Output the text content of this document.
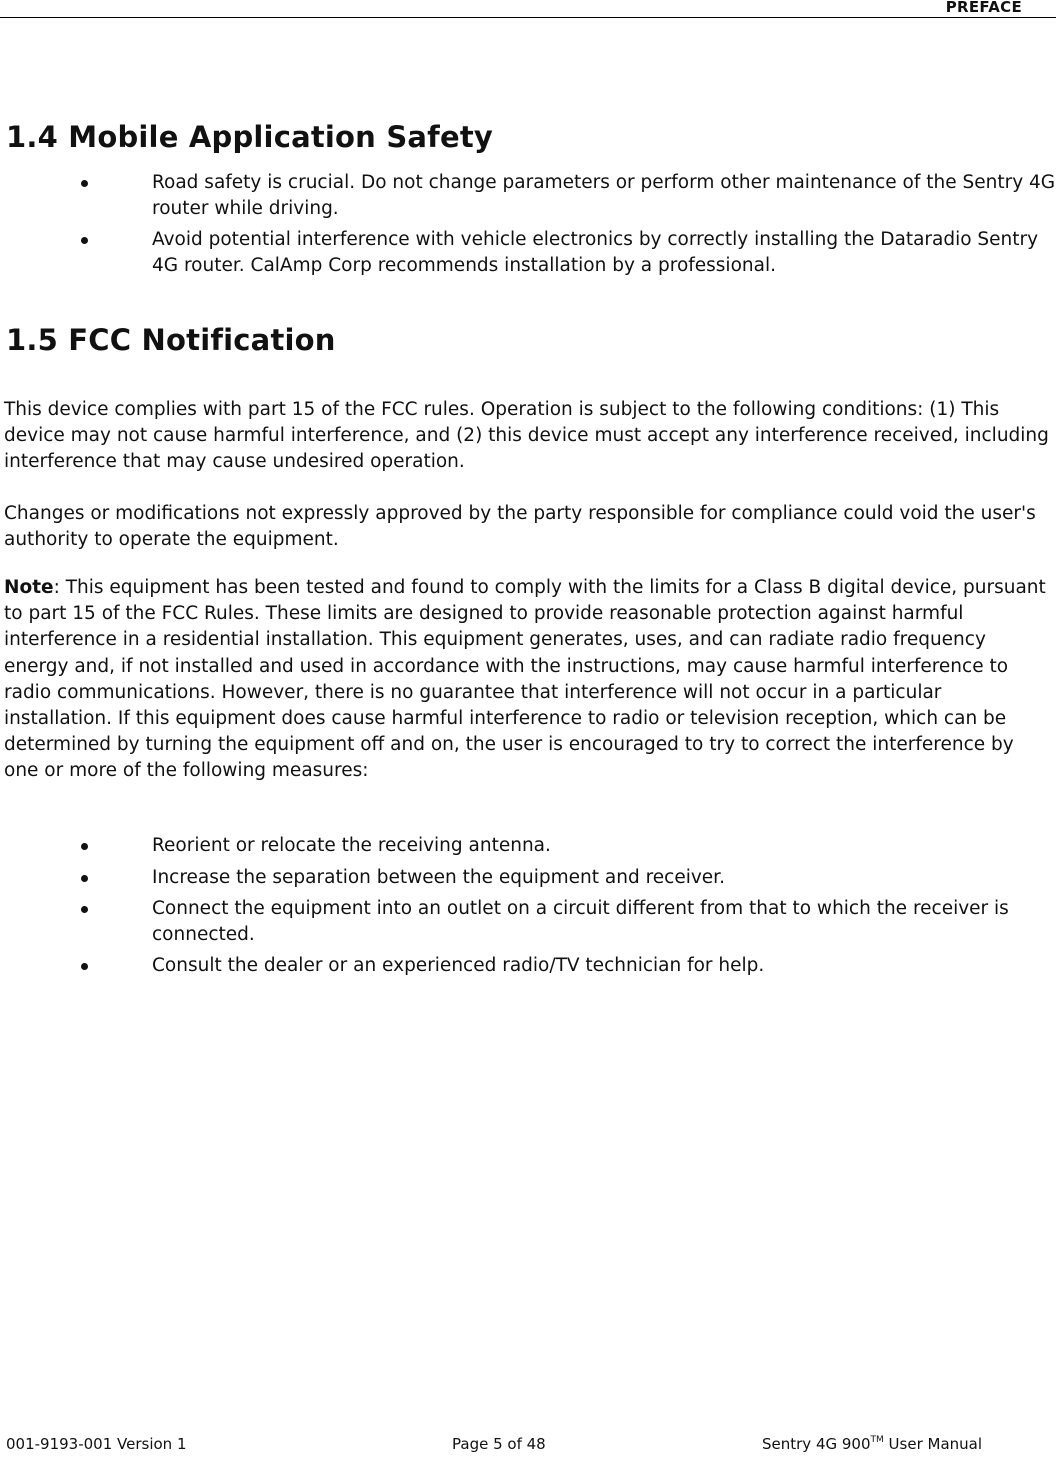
PREFACE
1.4 Mobile Application Safety
Road safety is crucial. Do not change parameters or perform other maintenance of the Sentry 4G router while driving.
Avoid potential interference with vehicle electronics by correctly installing the Dataradio Sentry 4G router. CalAmp Corp recommends installation by a professional.
1.5 FCC Notification

This device complies with part 15 of the FCC rules. Operation is subject to the following conditions: (1) This device may not cause harmful interference, and (2) this device must accept any interference received, including interference that may cause undesired operation.

Changes or modifications not expressly approved by the party responsible for compliance could void the user's authority to operate the equipment.

Note: This equipment has been tested and found to comply with the limits for a Class B digital device, pursuant to part 15 of the FCC Rules. These limits are designed to provide reasonable protection against harmful interference in a residential installation. This equipment generates, uses, and can radiate radio frequency energy and, if not installed and used in accordance with the instructions, may cause harmful interference to radio communications. However, there is no guarantee that interference will not occur in a particular installation. If this equipment does cause harmful interference to radio or television reception, which can be determined by turning the equipment off and on, the user is encouraged to try to correct the interference by one or more of the following measures:

Reorient or relocate the receiving antenna.
Increase the separation between the equipment and receiver.
Connect the equipment into an outlet on a circuit different from that to which the receiver is connected.
Consult the dealer or an experienced radio/TV technician for help.
001-9193-001 Version 1	Page 5 of 48	Sentry 4G 900™ User Manual
